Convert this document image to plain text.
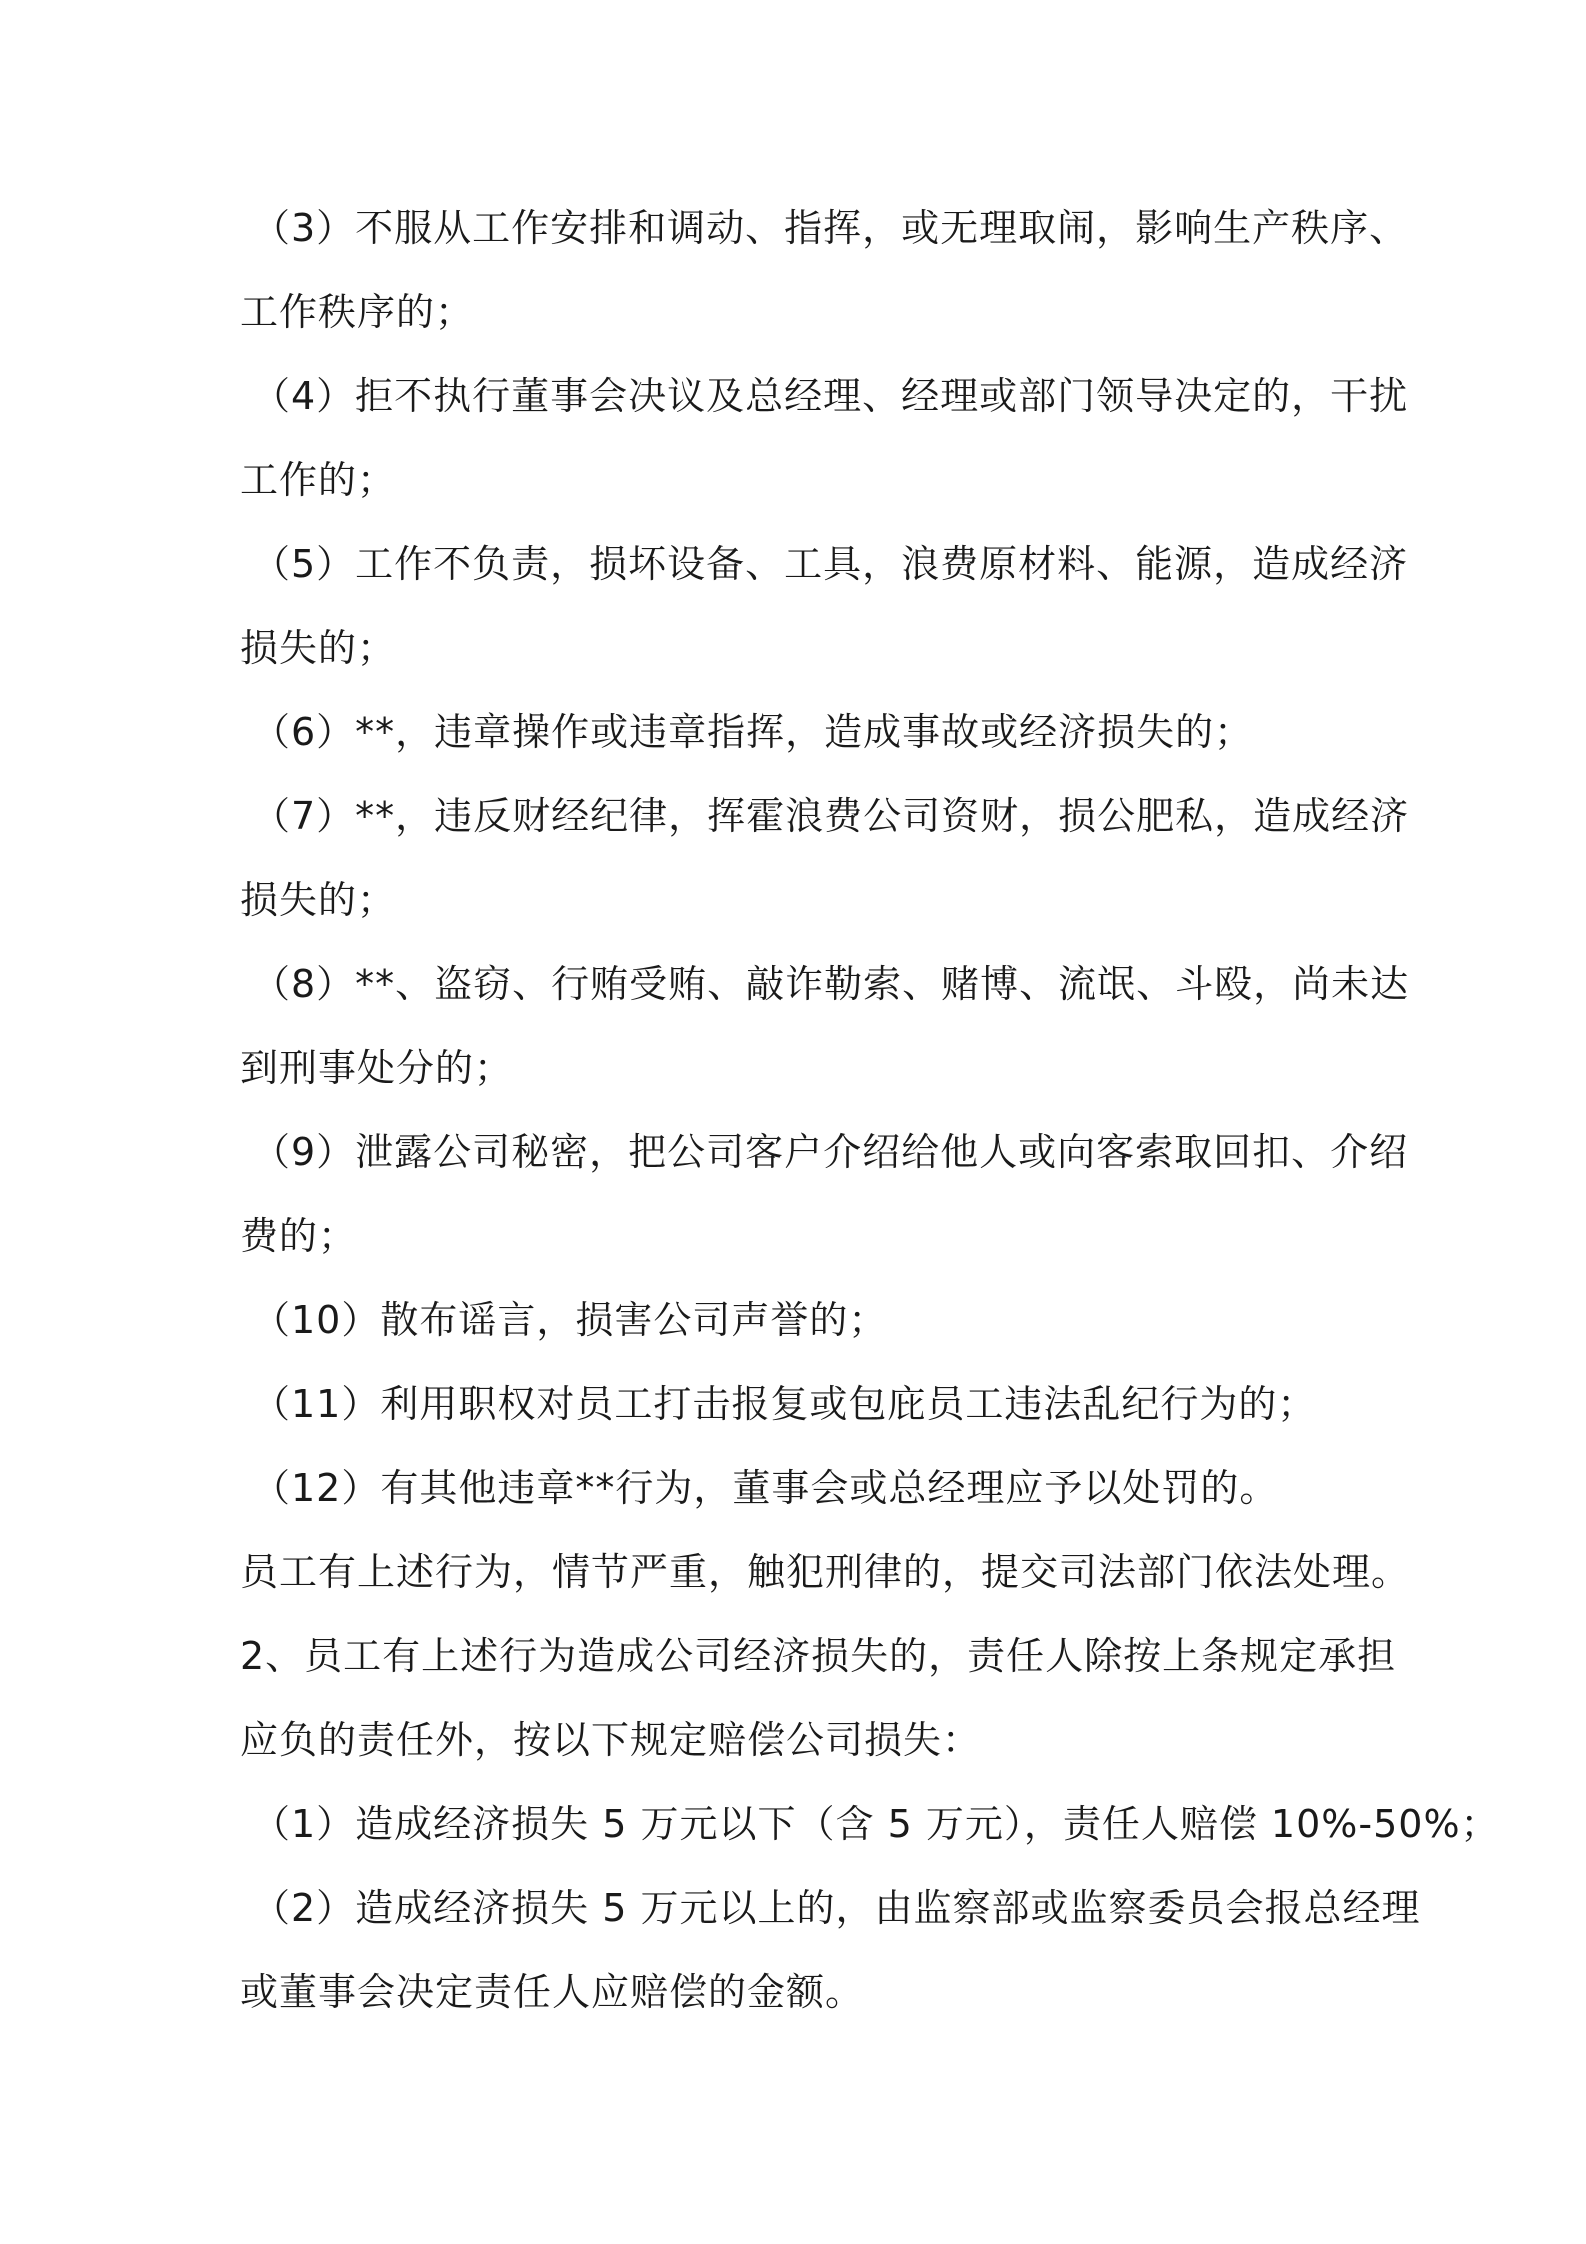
（3）不服从工作安排和调动、指挥，或无理取闹，影响生产秩序、
工作秩序的；
（4）拒不执行董事会决议及总经理、经理或部门领导决定的，干扰
工作的；
（5）工作不负责，损坏设备、工具，浪费原材料、能源，造成经济
损失的；
（6）**，违章操作或违章指挥，造成事故或经济损失的；
（7）**，违反财经纪律，挥霍浪费公司资财，损公肥私，造成经济
损失的；
（8）**、盗窃、行贿受贿、敲诈勒索、赌博、流氓、斗殴，尚未达
到刑事处分的；
（9）泄露公司秘密，把公司客户介绍给他人或向客索取回扣、介绍
费的；
（10）散布谣言，损害公司声誉的；
（11）利用职权对员工打击报复或包庇员工违法乱纪行为的；
（12）有其他违章**行为，董事会或总经理应予以处罚的。
员工有上述行为，情节严重，触犯刑律的，提交司法部门依法处理。
2、员工有上述行为造成公司经济损失的，责任人除按上条规定承担
应负的责任外，按以下规定赔偿公司损失：
（1）造成经济损失 5 万元以下（含 5 万元），责任人赔偿 10%-50%；
（2）造成经济损失 5 万元以上的，由监察部或监察委员会报总经理
或董事会决定责任人应赔偿的金额。
